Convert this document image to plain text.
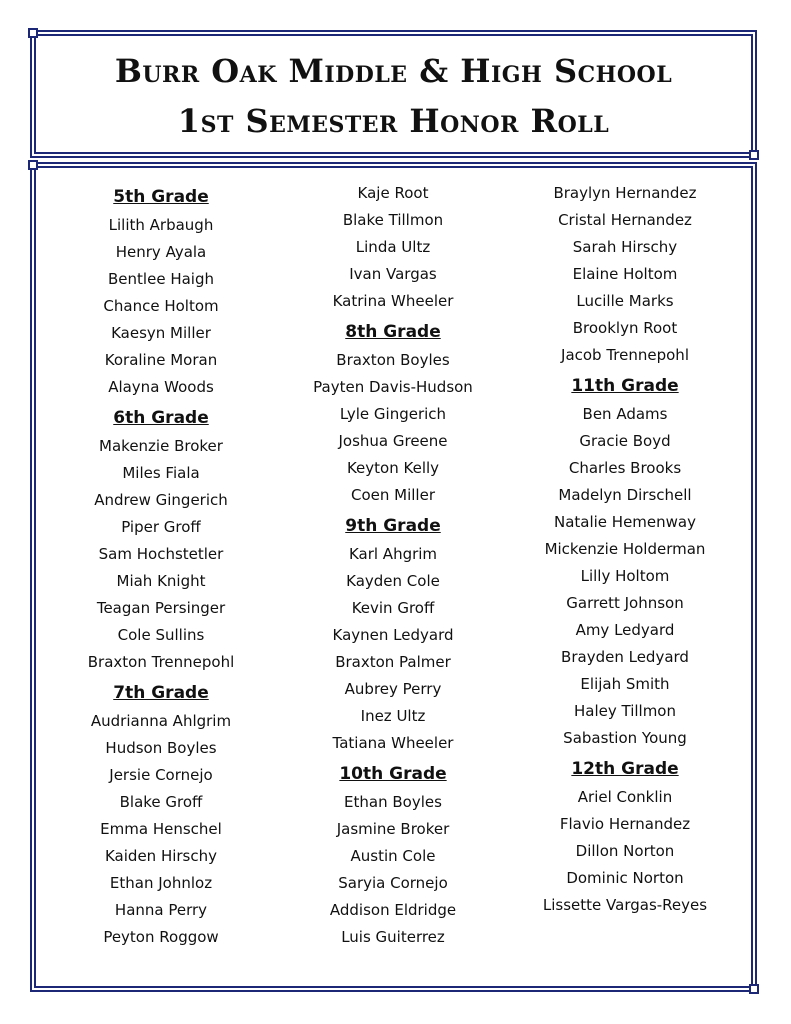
Burr Oak Middle & High School
1st Semester Honor Roll
5th Grade
Lilith Arbaugh
Henry Ayala
Bentlee Haigh
Chance Holtom
Kaesyn Miller
Koraline Moran
Alayna Woods
6th Grade
Makenzie Broker
Miles Fiala
Andrew Gingerich
Piper Groff
Sam Hochstetler
Miah Knight
Teagan Persinger
Cole Sullins
Braxton Trennepohl
7th Grade
Audrianna Ahlgrim
Hudson Boyles
Jersie Cornejo
Blake Groff
Emma Henschel
Kaiden Hirschy
Ethan Johnloz
Hanna Perry
Peyton Roggow
Kaje Root
Blake Tillmon
Linda Ultz
Ivan Vargas
Katrina Wheeler
8th Grade
Braxton Boyles
Payten Davis-Hudson
Lyle Gingerich
Joshua Greene
Keyton Kelly
Coen Miller
9th Grade
Karl Ahgrim
Kayden Cole
Kevin Groff
Kaynen Ledyard
Braxton Palmer
Aubrey Perry
Inez Ultz
Tatiana Wheeler
10th Grade
Ethan Boyles
Jasmine Broker
Austin Cole
Saryia Cornejo
Addison Eldridge
Luis Guiterrez
Braylyn Hernandez
Cristal Hernandez
Sarah Hirschy
Elaine Holtom
Lucille Marks
Brooklyn Root
Jacob Trennepohl
11th Grade
Ben Adams
Gracie Boyd
Charles Brooks
Madelyn Dirschell
Natalie Hemenway
Mickenzie Holderman
Lilly Holtom
Garrett Johnson
Amy Ledyard
Brayden Ledyard
Elijah Smith
Haley Tillmon
Sabastion Young
12th Grade
Ariel Conklin
Flavio Hernandez
Dillon Norton
Dominic Norton
Lissette Vargas-Reyes
